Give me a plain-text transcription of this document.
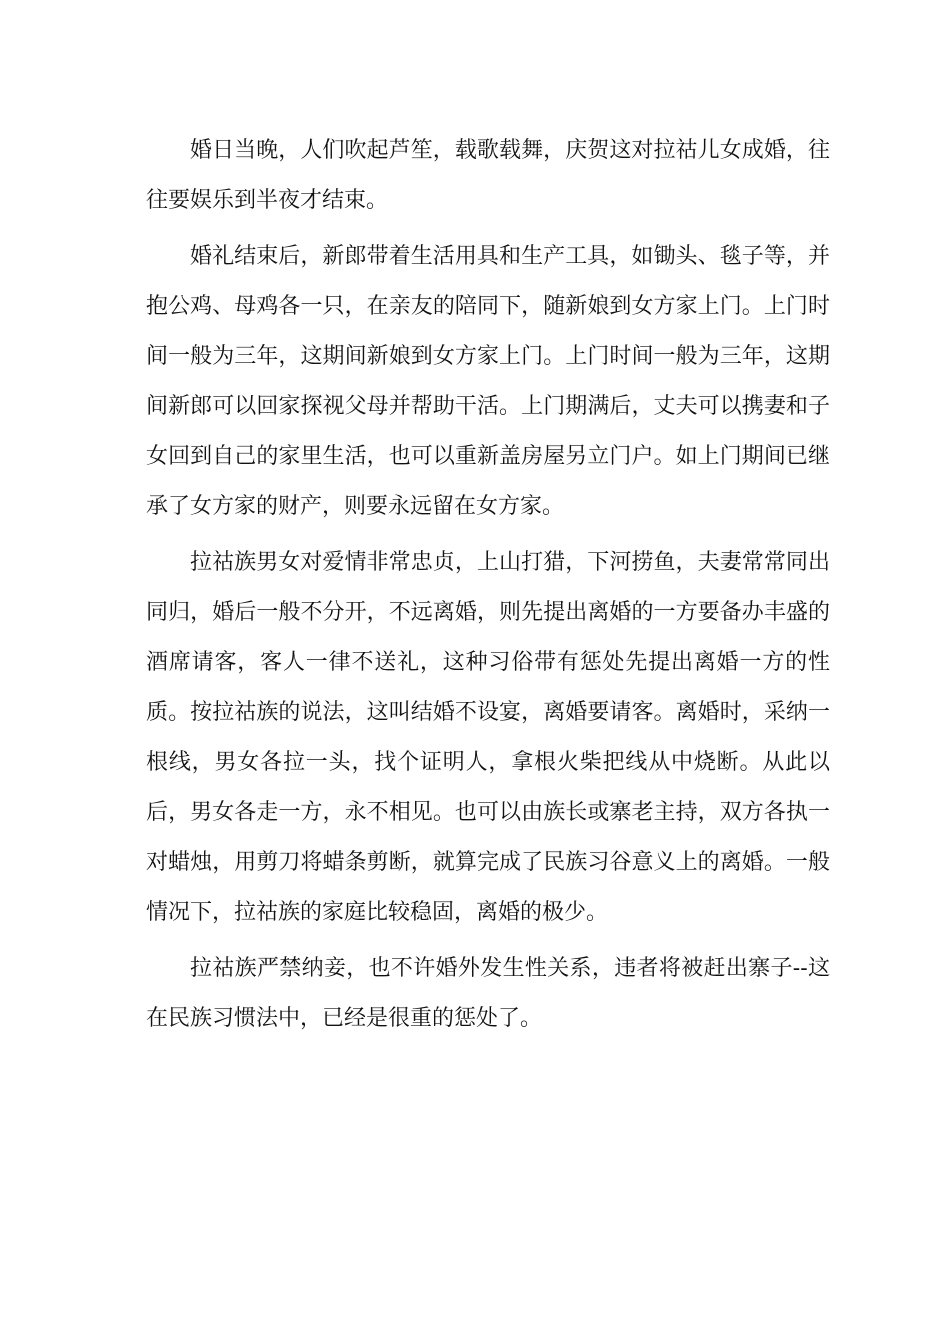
婚日当晚，人们吹起芦笙，载歌载舞，庆贺这对拉祜儿女成婚，往往要娱乐到半夜才结束。

婚礼结束后，新郎带着生活用具和生产工具，如锄头、毯子等，并抱公鸡、母鸡各一只，在亲友的陪同下，随新娘到女方家上门。上门时间一般为三年，这期间新娘到女方家上门。上门时间一般为三年，这期间新郎可以回家探视父母并帮助干活。上门期满后，丈夫可以携妻和子女回到自己的家里生活，也可以重新盖房屋另立门户。如上门期间已继承了女方家的财产，则要永远留在女方家。

拉祜族男女对爱情非常忠贞，上山打猎，下河捞鱼，夫妻常常同出同归，婚后一般不分开，不远离婚，则先提出离婚的一方要备办丰盛的酒席请客，客人一律不送礼，这种习俗带有惩处先提出离婚一方的性质。按拉祜族的说法，这叫结婚不设宴，离婚要请客。离婚时，采纳一根线，男女各拉一头，找个证明人，拿根火柴把线从中烧断。从此以后，男女各走一方，永不相见。也可以由族长或寨老主持，双方各执一对蜡烛，用剪刀将蜡条剪断，就算完成了民族习谷意义上的离婚。一般情况下，拉祜族的家庭比较稳固，离婚的极少。

拉祜族严禁纳妾，也不许婚外发生性关系，违者将被赶出寨子--这在民族习惯法中，已经是很重的惩处了。
